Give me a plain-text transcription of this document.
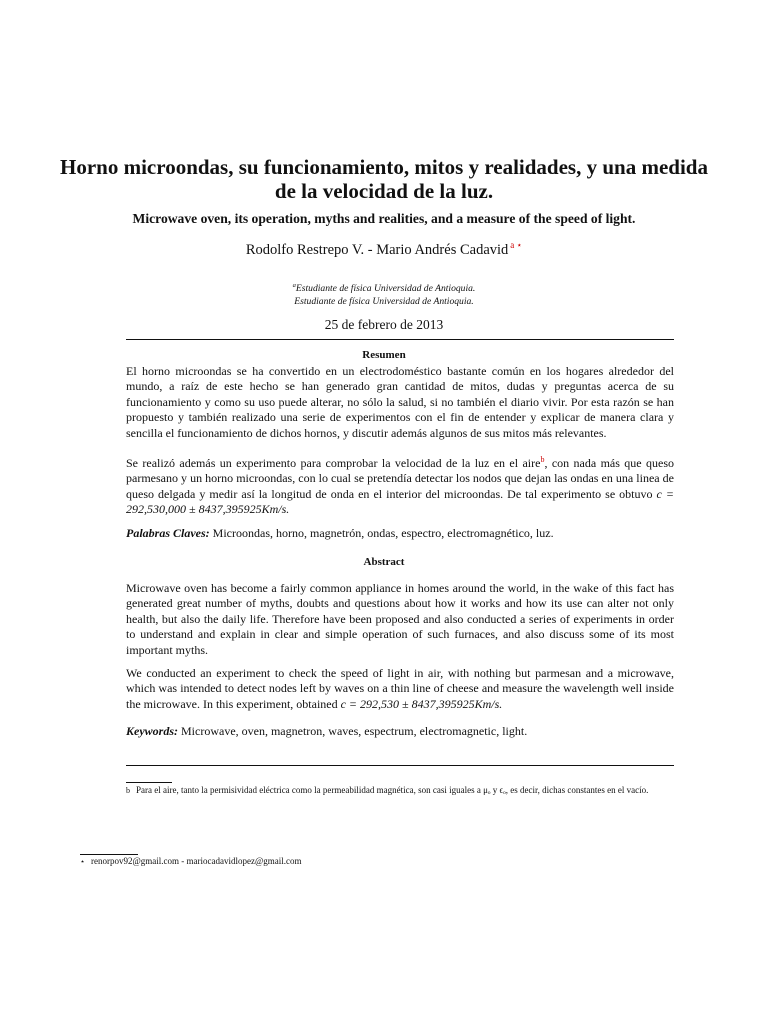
Horno microondas, su funcionamiento, mitos y realidades, y una medida de la velocidad de la luz.
Microwave oven, its operation, myths and realities, and a measure of the speed of light.
Rodolfo Restrepo V. - Mario Andrés Cadavid $^{a ⋆}$
$^a$Estudiante de física Universidad de Antioquia.
Estudiante de física Universidad de Antioquia.
25 de febrero de 2013
Resumen

El horno microondas se ha convertido en un electrodoméstico bastante común en los hogares alrededor del mundo, a raíz de este hecho se han generado gran cantidad de mitos, dudas y preguntas acerca de su funcionamiento y como su uso puede alterar, no sólo la salud, si no también el diario vivir. Por esta razón se han propuesto y también realizado una serie de experimentos con el fin de entender y explicar de manera clara y sencilla el funcionamiento de dichos hornos, y discutir además algunos de sus mitos más relevantes.

Se realizó además un experimento para comprobar la velocidad de la luz en el aire$^b$, con nada más que queso parmesano y un horno microondas, con lo cual se pretendía detectar los nodos que dejan las ondas en una linea de queso delgada y medir así la longitud de onda en el interior del microondas. De tal experimento se obtuvo c = 292,530,000 ± 8437,395925Km/s.

Palabras Claves: Microondas, horno, magnetrón, ondas, espectro, electromagnético, luz.

Abstract

Microwave oven has become a fairly common appliance in homes around the world, in the wake of this fact has generated great number of myths, doubts and questions about how it works and how its use can alter not only health, but also the daily life. Therefore have been proposed and also conducted a series of experiments in order to understand and explain in clear and simple operation of such furnaces, and also discuss some of its most important myths.

We conducted an experiment to check the speed of light in air, with nothing but parmesan and a microwave, which was intended to detect nodes left by waves on a thin line of cheese and measure the wavelength well inside the microwave. In this experiment, obtained c = 292,530 ± 8437,395925Km/s.

Keywords: Microwave, oven, magnetron, waves, espectrum, electromagnetic, light.

b Para el aire, tanto la permisividad eléctrica como la permeabilidad magnética, son casi iguales a μₒ y ϵₒ, es decir, dichas constantes en el vacío.
⋆ renorpov92@gmail.com - mariocadavidlopez@gmail.com
